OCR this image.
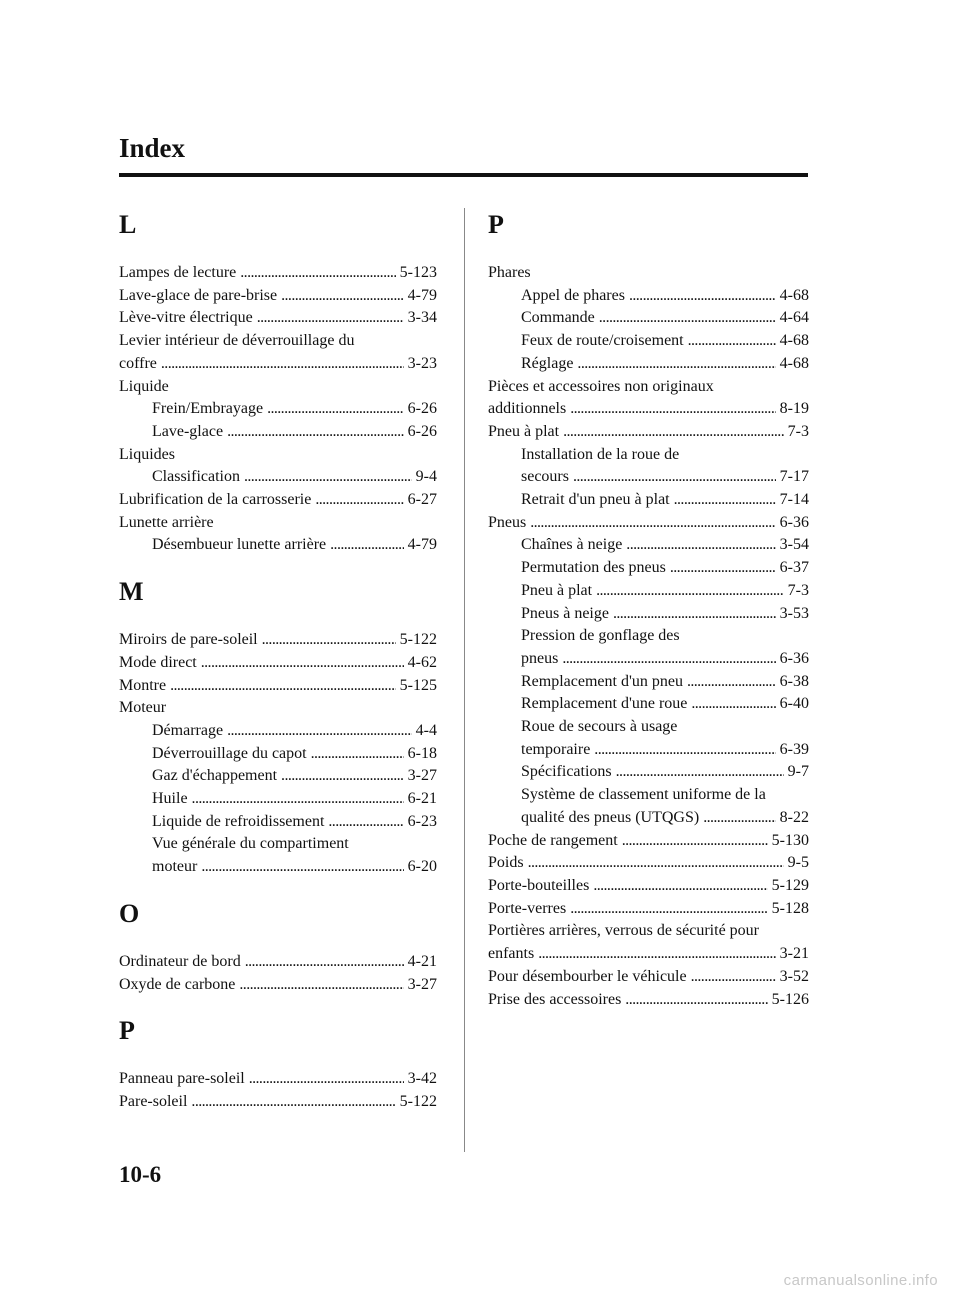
Index
L
Lampes de lecture . . .	5-123
Lave-glace de pare-brise . . .	4-79
Lève-vitre électrique . . .	3-34
Levier intérieur de déverrouillage du
coffre . . .	3-23
Liquide
Frein/Embrayage . . .	6-26
Lave-glace . . .	6-26
Liquides
Classification . . .	9-4
Lubrification de la carrosserie . . .	6-27
Lunette arrière
Désembueur lunette arrière . . .	4-79
M
Miroirs de pare-soleil . . .	5-122
Mode direct . . .	4-62
Montre . . .	5-125
Moteur
Démarrage . . .	4-4
Déverrouillage du capot . . .	6-18
Gaz d'échappement . . .	3-27
Huile . . .	6-21
Liquide de refroidissement . . .	6-23
Vue générale du compartiment
moteur . . .	6-20
O
Ordinateur de bord . . .	4-21
Oxyde de carbone . . .	3-27
P
Panneau pare-soleil . . .	3-42
Pare-soleil . . .	5-122
P
Phares
Appel de phares . . .	4-68
Commande . . .	4-64
Feux de route/croisement . . .	4-68
Réglage . . .	4-68
Pièces et accessoires non originaux
additionnels . . .	8-19
Pneu à plat . . .	7-3
Installation de la roue de
secours . . .	7-17
Retrait d'un pneu à plat . . .	7-14
Pneus . . .	6-36
Chaînes à neige . . .	3-54
Permutation des pneus . . .	6-37
Pneu à plat . . .	7-3
Pneus à neige . . .	3-53
Pression de gonflage des
pneus . . .	6-36
Remplacement d'un pneu . . .	6-38
Remplacement d'une roue . . .	6-40
Roue de secours à usage
temporaire . . .	6-39
Spécifications . . .	9-7
Système de classement uniforme de la
qualité des pneus (UTQGS) . . .	8-22
Poche de rangement . . .	5-130
Poids . . .	9-5
Porte-bouteilles . . .	5-129
Porte-verres . . .	5-128
Portières arrières, verrous de sécurité pour
enfants . . .	3-21
Pour désembourber le véhicule . . .	3-52
Prise des accessoires . . .	5-126
10-6
carmanualsonline.info
